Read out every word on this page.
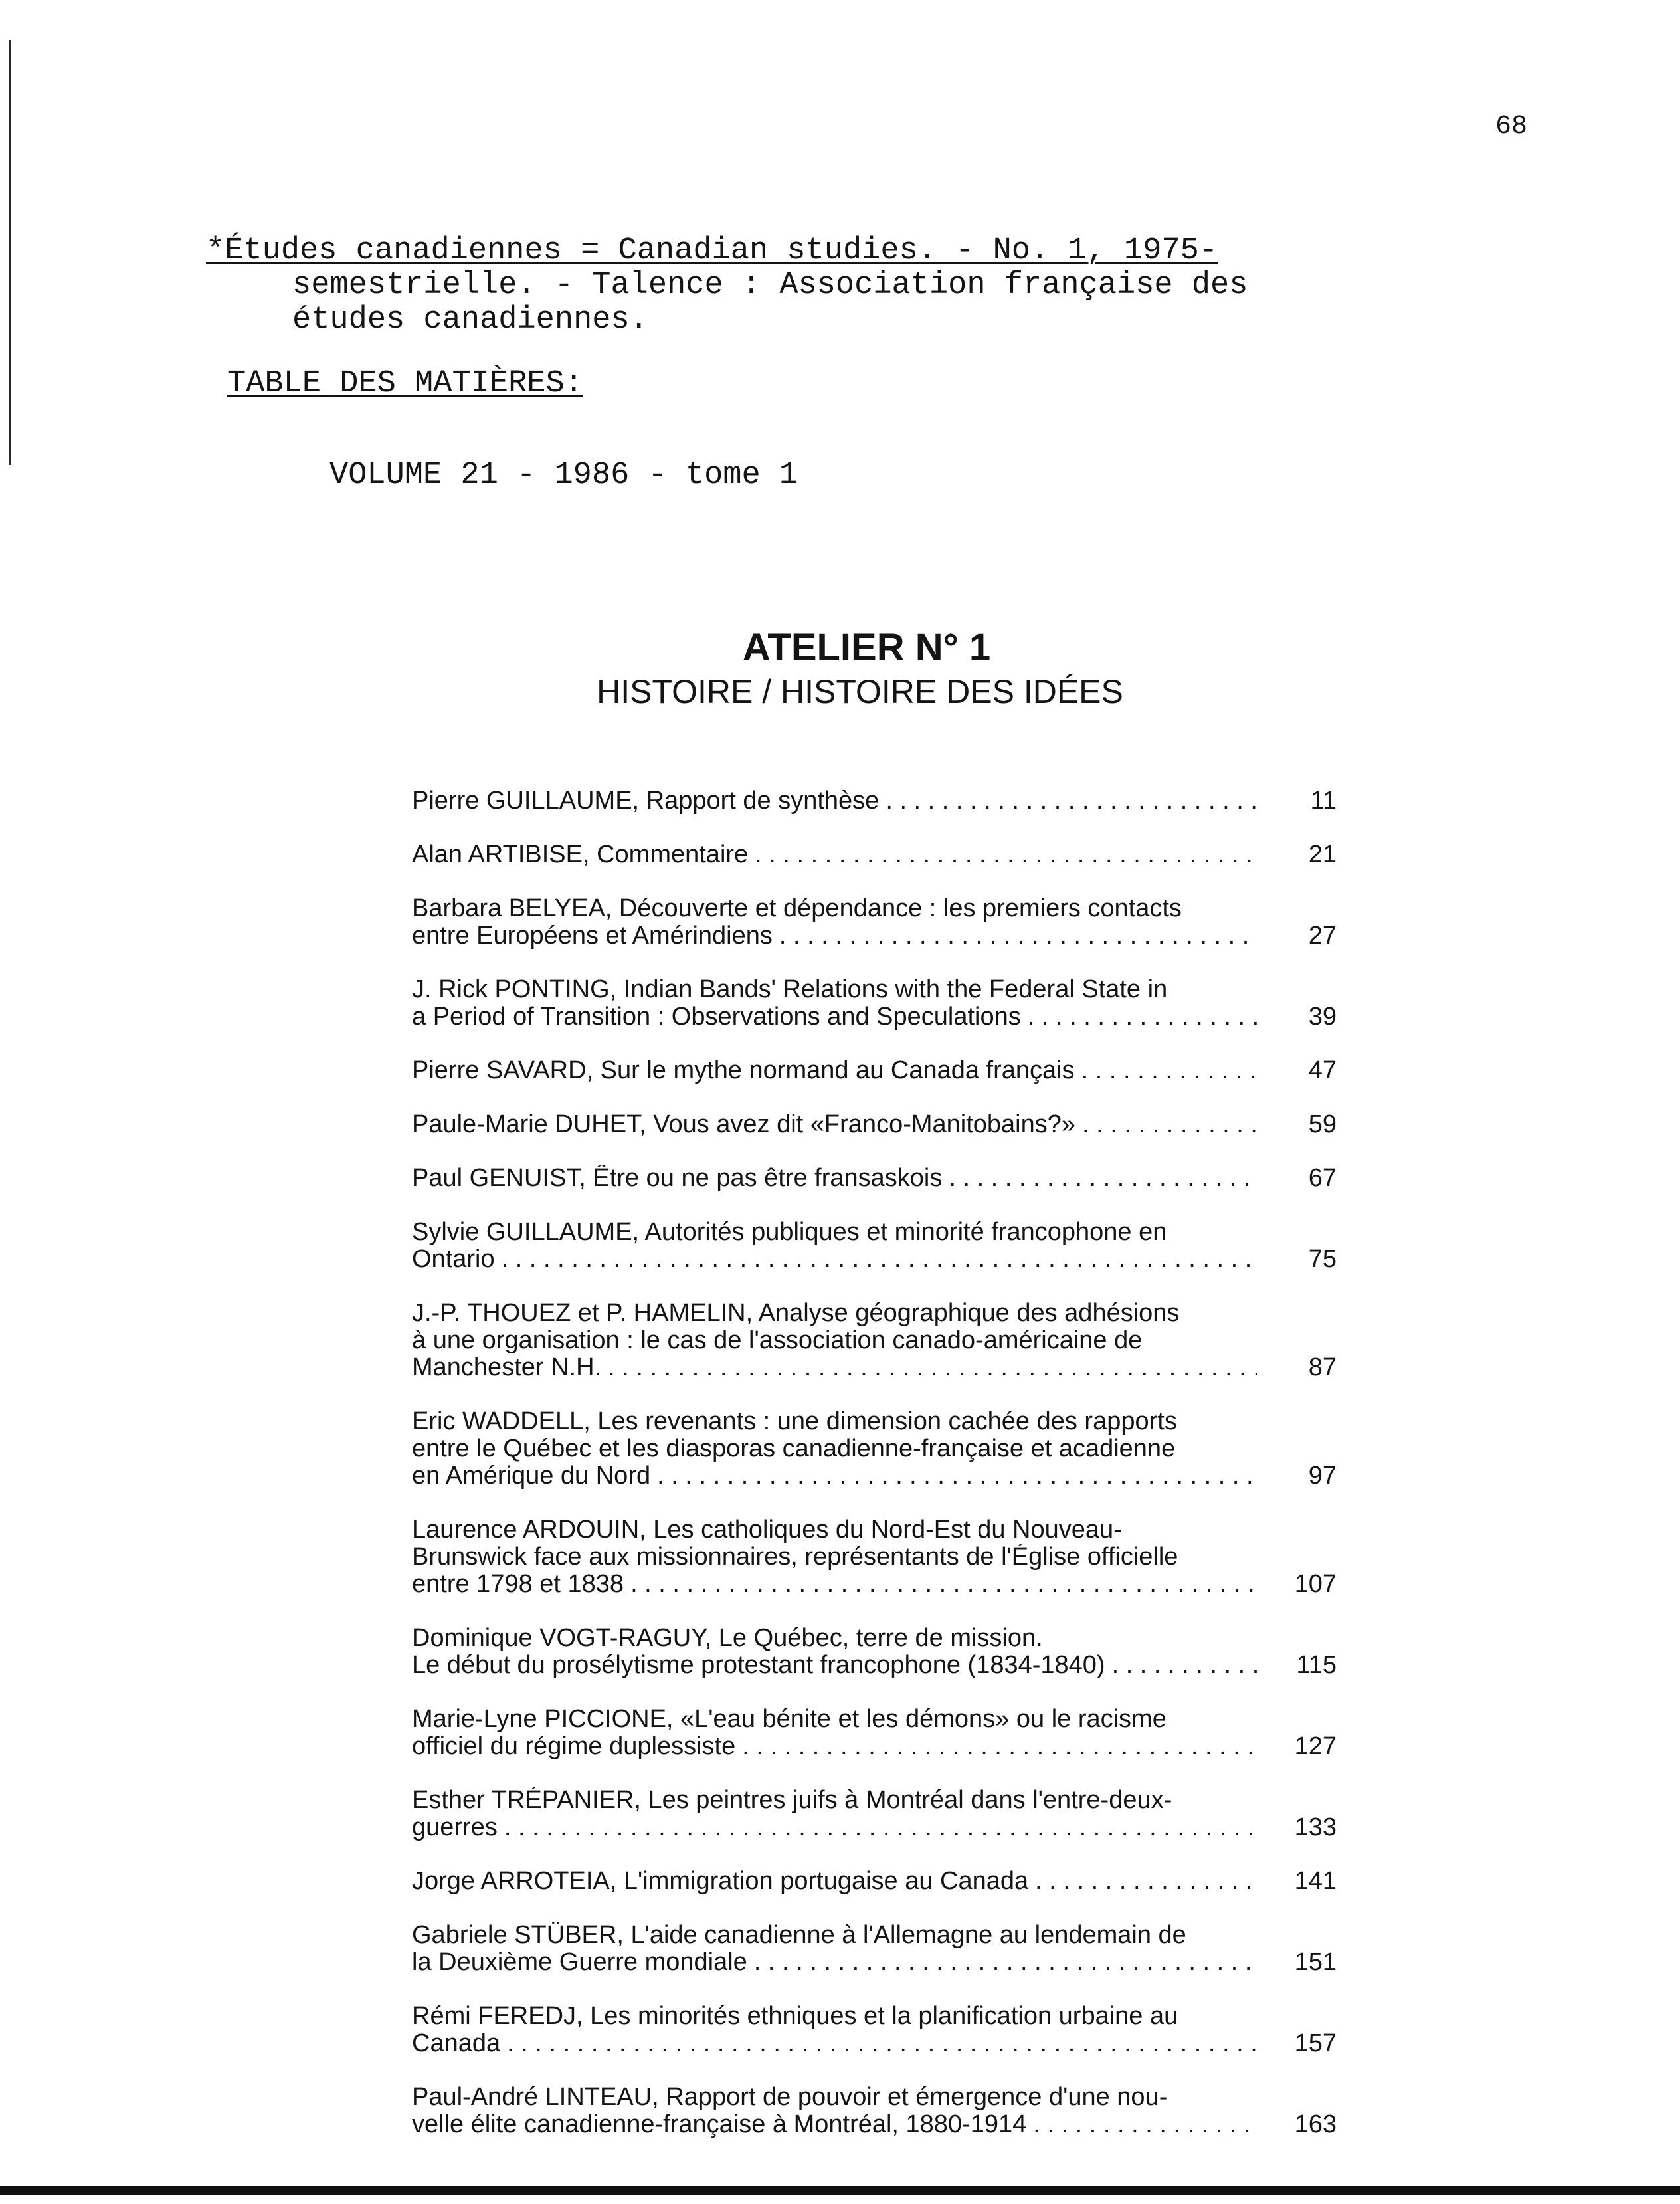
68
*Études canadiennes = Canadian studies. - No. 1, 1975-
semestrielle. - Talence : Association française des
études canadiennes.
TABLE DES MATIÈRES:
VOLUME 21 - 1986 - tome 1
ATELIER N° 1
HISTOIRE / HISTOIRE DES IDÉES
Pierre GUILLAUME, Rapport de synthèse . . .	11
Alan ARTIBISE, Commentaire . . .	21
Barbara BELYEA, Découverte et dépendance : les premiers contacts
entre Européens et Amérindiens . . .	27
J. Rick PONTING, Indian Bands' Relations with the Federal State in
a Period of Transition : Observations and Speculations . . .	39
Pierre SAVARD, Sur le mythe normand au Canada français . . .	47
Paule-Marie DUHET, Vous avez dit «Franco-Manitobains?» . . .	59
Paul GENUIST, Être ou ne pas être fransaskois . . .	67
Sylvie GUILLAUME, Autorités publiques et minorité francophone en
Ontario . . .	75
J.-P. THOUEZ et P. HAMELIN, Analyse géographique des adhésions
à une organisation : le cas de l'association canado-américaine de
Manchester N.H. . . .	87
Eric WADDELL, Les revenants : une dimension cachée des rapports
entre le Québec et les diasporas canadienne-française et acadienne
en Amérique du Nord . . .	97
Laurence ARDOUIN, Les catholiques du Nord-Est du Nouveau-
Brunswick face aux missionnaires, représentants de l'Église officielle
entre 1798 et 1838 . . .	107
Dominique VOGT-RAGUY, Le Québec, terre de mission.
Le début du prosélytisme protestant francophone (1834-1840) . . .	115
Marie-Lyne PICCIONE, «L'eau bénite et les démons» ou le racisme
officiel du régime duplessiste . . .	127
Esther TRÉPANIER, Les peintres juifs à Montréal dans l'entre-deux-
guerres . . .	133
Jorge ARROTEIA, L'immigration portugaise au Canada . . .	141
Gabriele STÜBER, L'aide canadienne à l'Allemagne au lendemain de
la Deuxième Guerre mondiale . . .	151
Rémi FEREDJ, Les minorités ethniques et la planification urbaine au
Canada . . .	157
Paul-André LINTEAU, Rapport de pouvoir et émergence d'une nou-
velle élite canadienne-française à Montréal, 1880-1914 . . .	163
